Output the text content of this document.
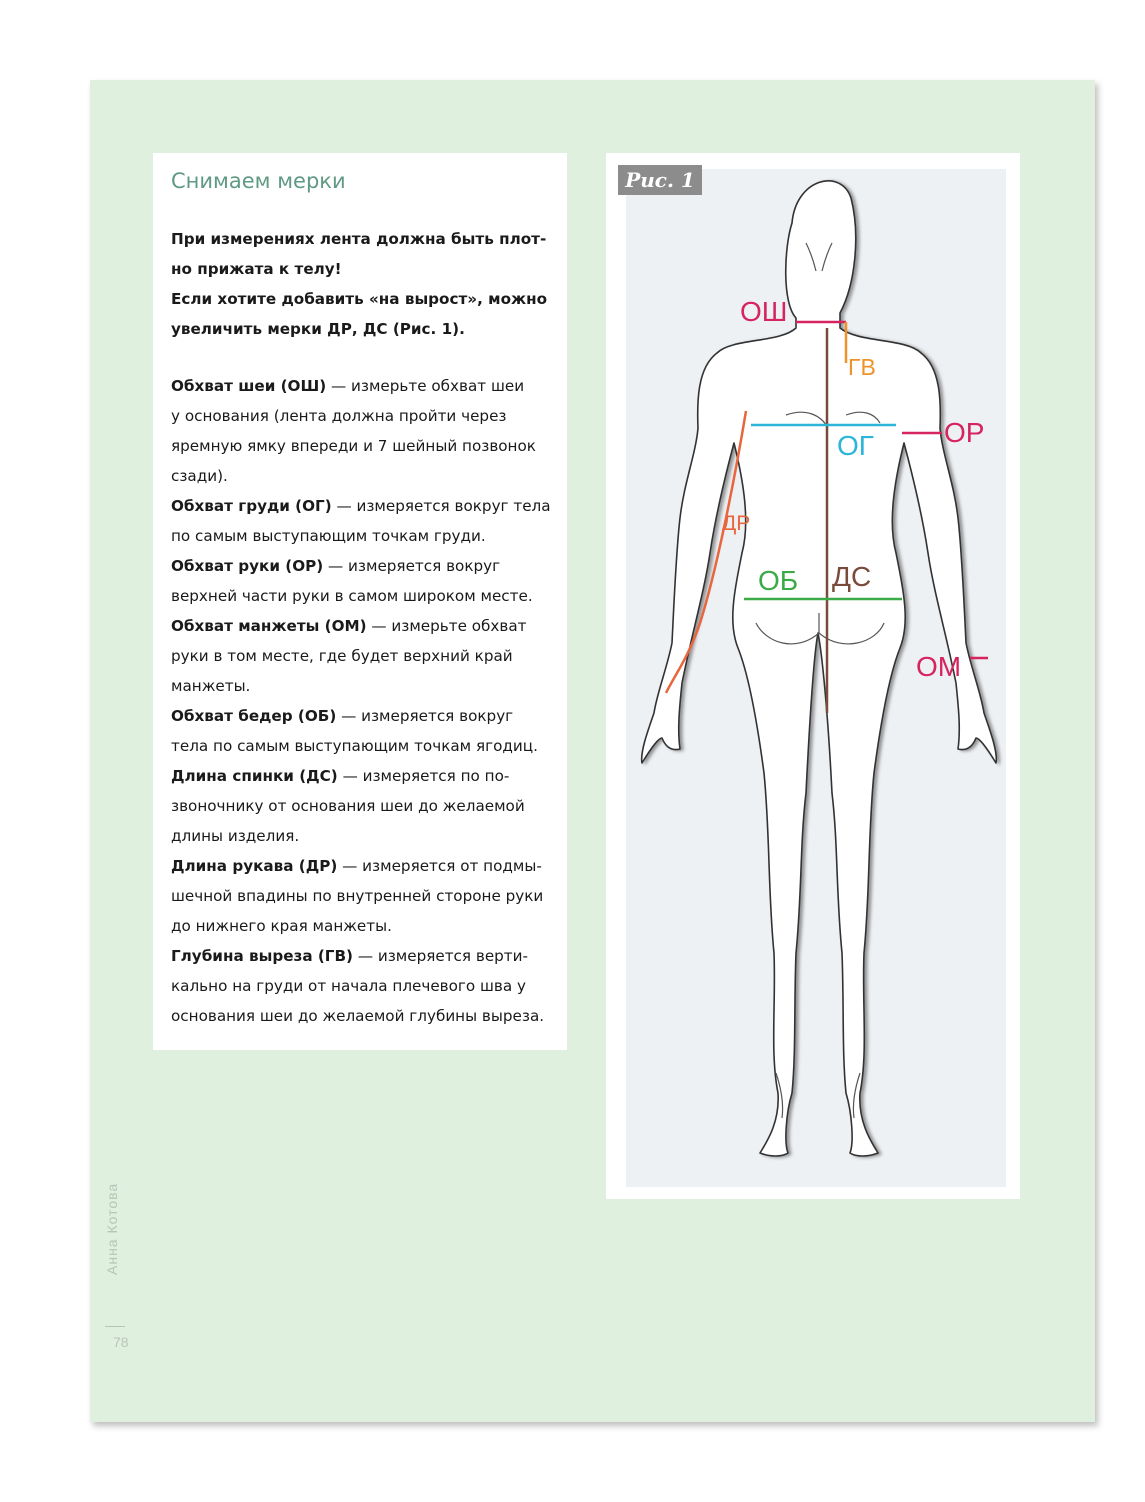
Снимаем мерки
При измерениях лента должна быть плот-
но прижата к телу!
Если хотите добавить «на вырост», можно
увеличить мерки ДР, ДС (Рис. 1).
Обхват шеи (ОШ) — измерьте обхват шеи
у основания (лента должна пройти через
яремную ямку впереди и 7 шейный позвонок
сзади).
Обхват груди (ОГ) — измеряется вокруг тела
по самым выступающим точкам груди.
Обхват руки (ОР) — измеряется вокруг
верхней части руки в самом широком месте.
Обхват манжеты (ОМ) — измерьте обхват
руки в том месте, где будет верхний край
манжеты.
Обхват бедер (ОБ) — измеряется вокруг
тела по самым выступающим точкам ягодиц.
Длина спинки (ДС) — измеряется по по-
звоночнику от основания шеи до желаемой
длины изделия.
Длина рукава (ДР) — измеряется от подмы-
шечной впадины по внутренней стороне руки
до нижнего края манжеты.
Глубина выреза (ГВ) — измеряется верти-
кально на груди от начала плечевого шва у
основания шеи до желаемой глубины выреза.
Рис. 1
ОШ
ГВ
ОГ	ОР
ДР
ОБ ДС
ОМ
Анна Котова
78
